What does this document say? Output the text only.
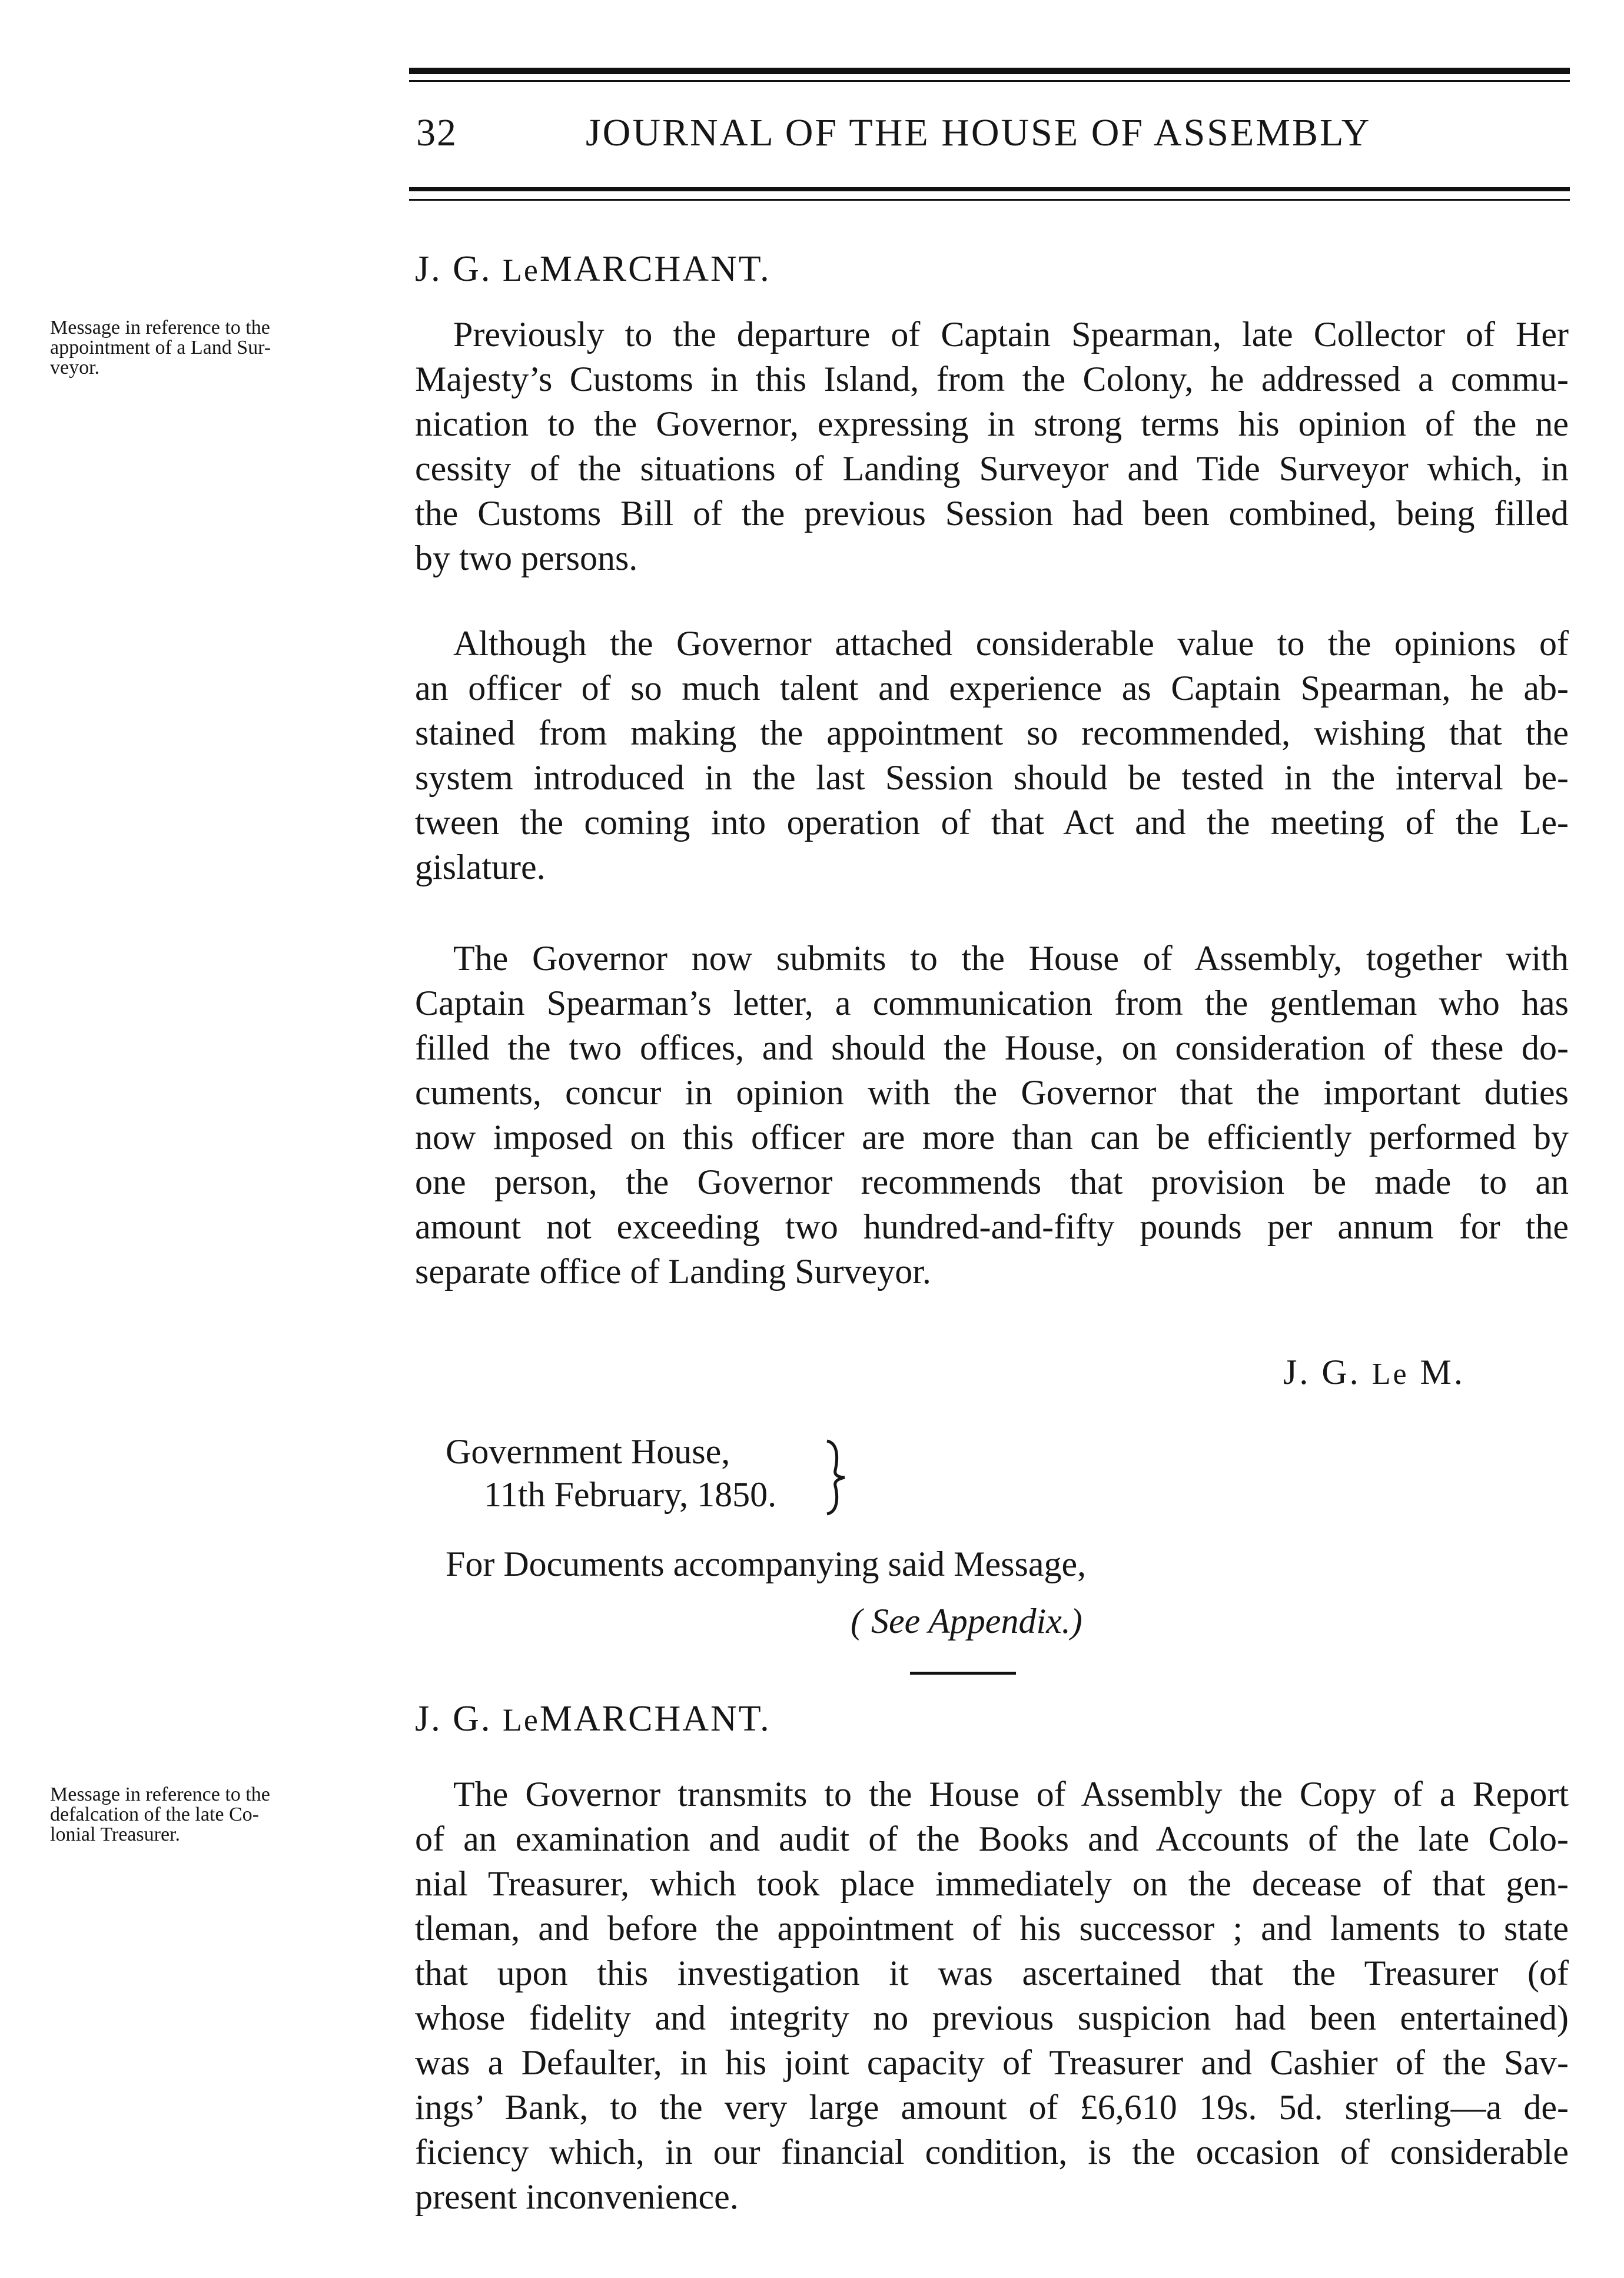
32	JOURNAL OF THE HOUSE OF ASSEMBLY
J. G. LeMARCHANT.
Message in reference to the
appointment of a Land Sur-
veyor.
Previously to the departure of Captain Spearman, late Collector of Her
Majesty’s Customs in this Island, from the Colony, he addressed a commu-
nication to the Governor, expressing in strong terms his opinion of the ne
cessity of the situations of Landing Surveyor and Tide Surveyor which, in
the Customs Bill of the previous Session had been combined, being filled
by two persons.
Although the Governor attached considerable value to the opinions of
an officer of so much talent and experience as Captain Spearman, he ab-
stained from making the appointment so recommended, wishing that the
system introduced in the last Session should be tested in the interval be-
tween the coming into operation of that Act and the meeting of the Le-
gislature.
The Governor now submits to the House of Assembly, together with
Captain Spearman’s letter, a communication from the gentleman who has
filled the two offices, and should the House, on consideration of these do-
cuments, concur in opinion with the Governor that the important duties
now imposed on this officer are more than can be efficiently performed by
one person, the Governor recommends that provision be made to an
amount not exceeding two hundred-and-fifty pounds per annum for the
separate office of Landing Surveyor.
J. G. Le M.
Government House,
11th February, 1850.
For Documents accompanying said Message,
( See Appendix.)
J. G. LeMARCHANT.
Message in reference to the
defalcation of the late Co-
lonial Treasurer.
The Governor transmits to the House of Assembly the Copy of a Report
of an examination and audit of the Books and Accounts of the late Colo-
nial Treasurer, which took place immediately on the decease of that gen-
tleman, and before the appointment of his successor ; and laments to state
that upon this investigation it was ascertained that the Treasurer (of
whose fidelity and integrity no previous suspicion had been entertained)
was a Defaulter, in his joint capacity of Treasurer and Cashier of the Sav-
ings’ Bank, to the very large amount of £6,610 19s. 5d. sterling—a de-
ficiency which, in our financial condition, is the occasion of considerable
present inconvenience.
